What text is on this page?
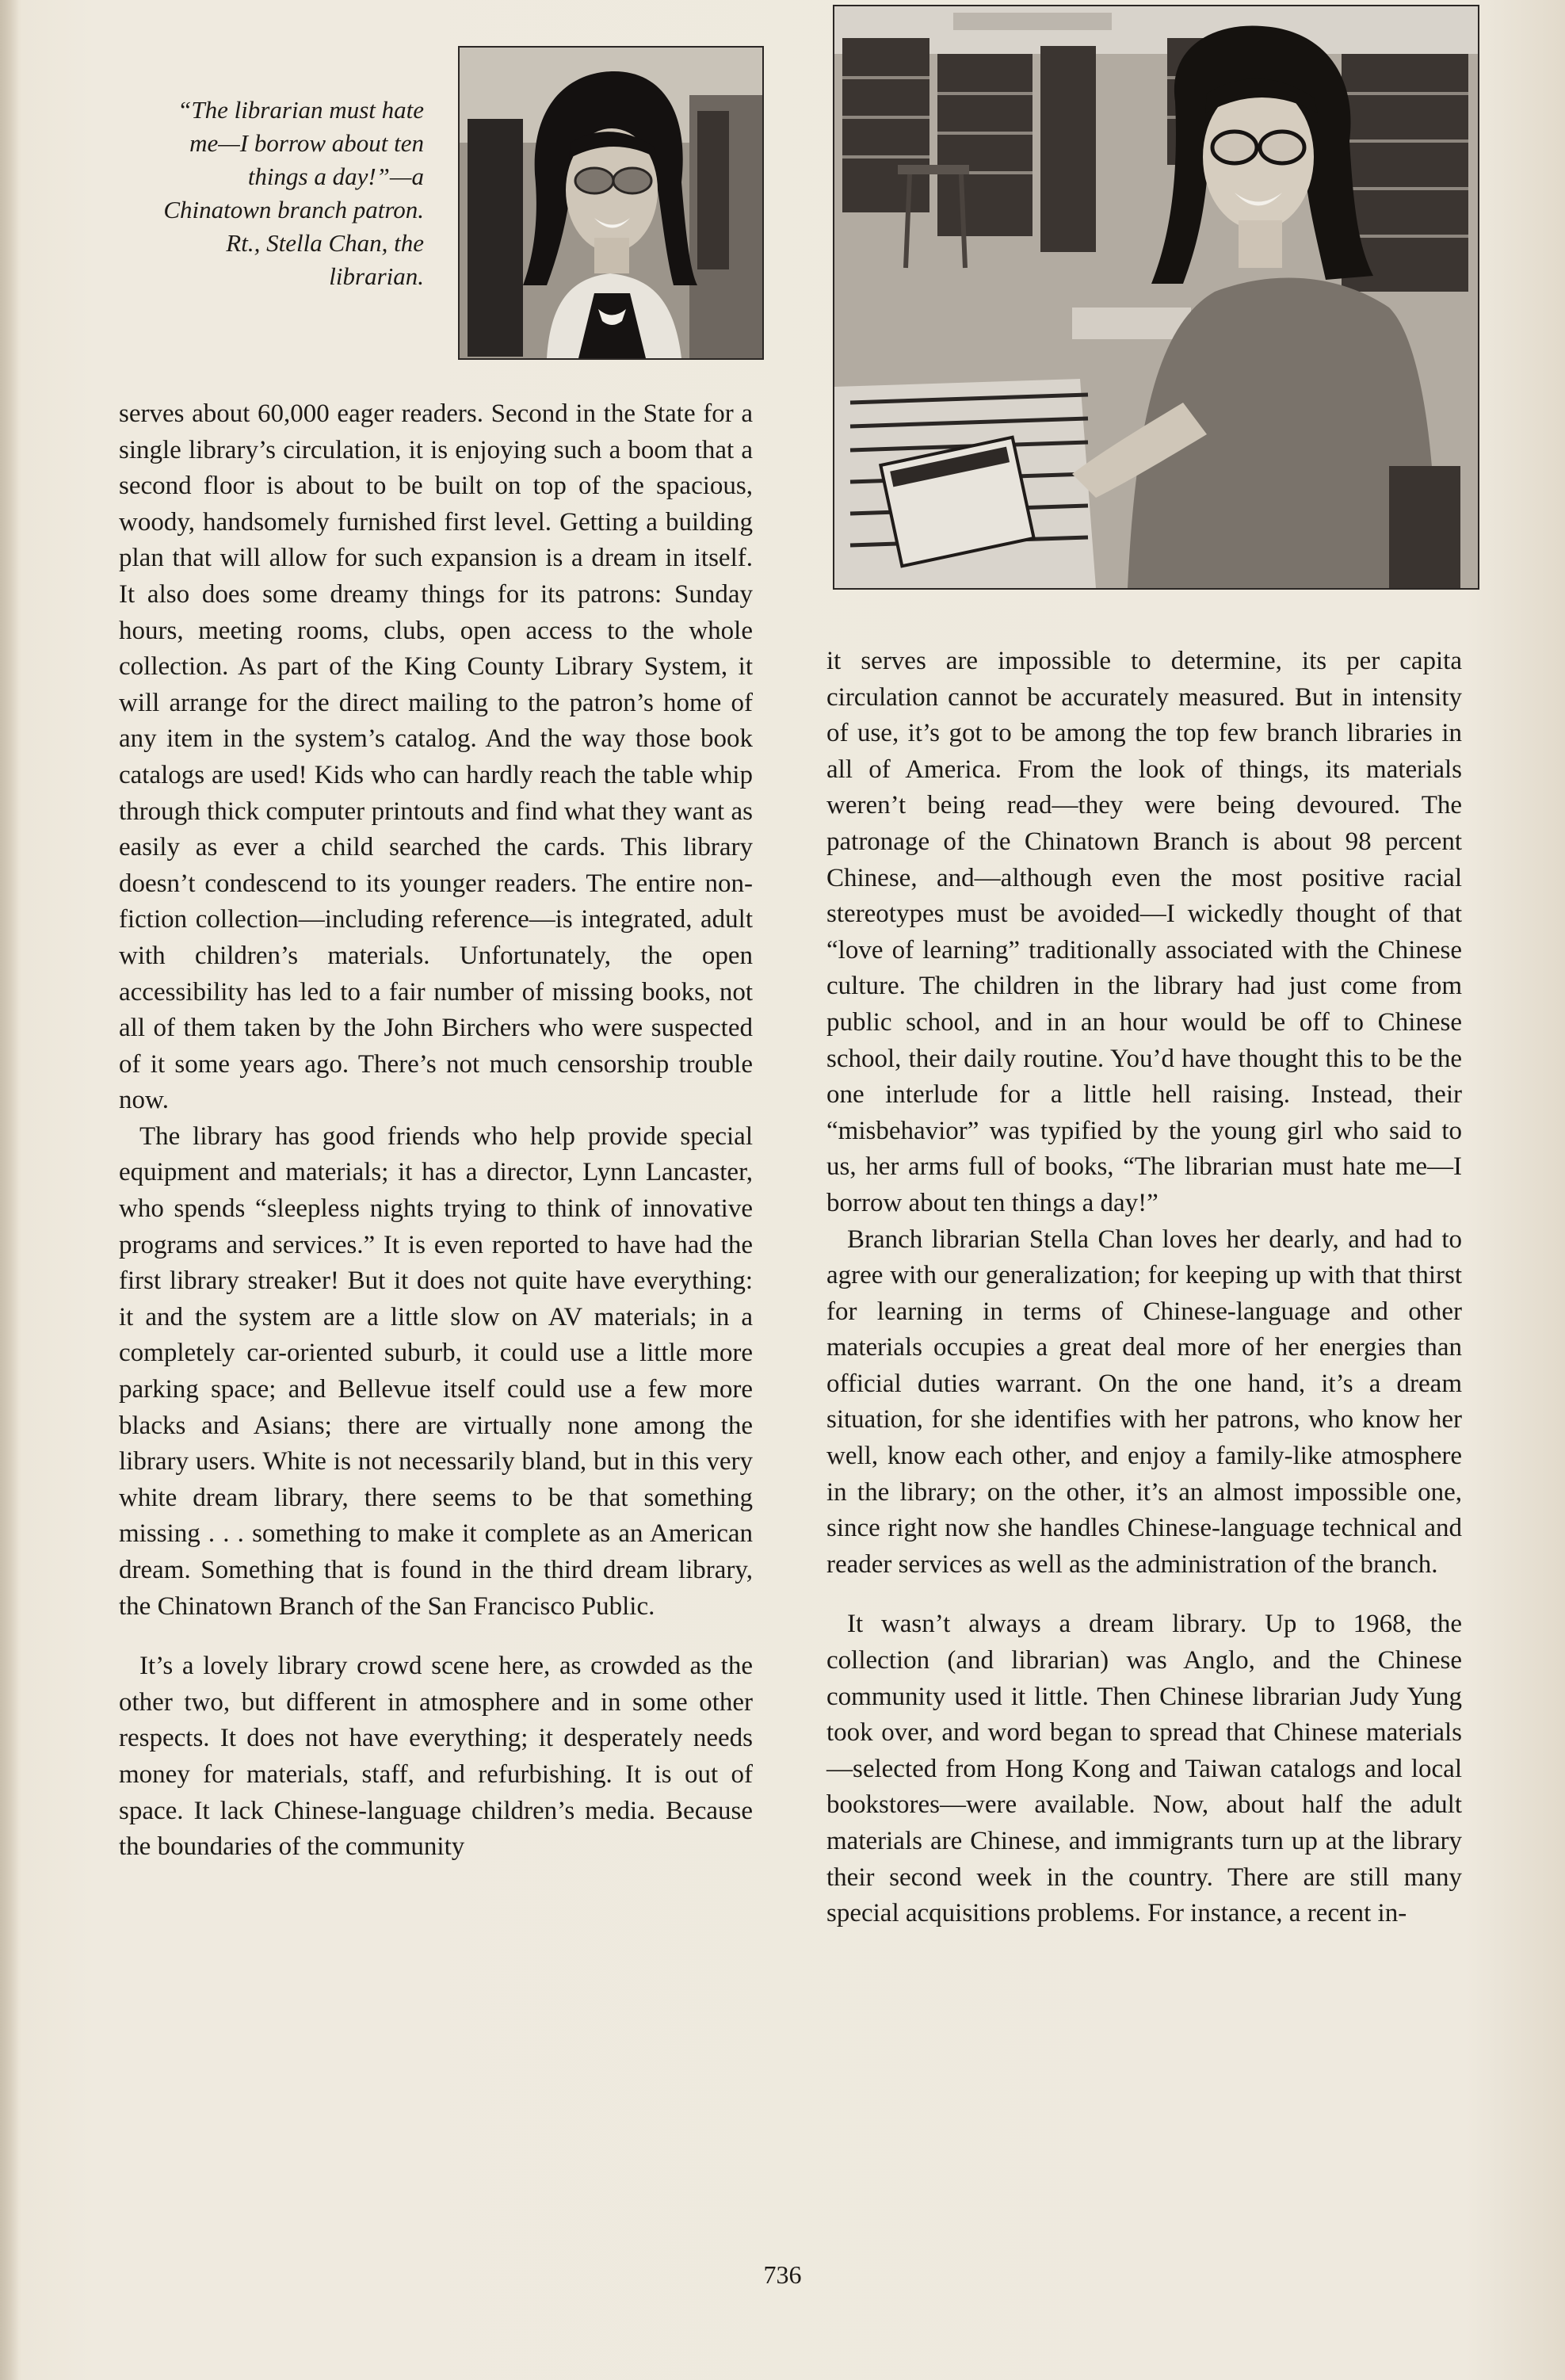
“The librarian must hate me—I borrow about ten things a day!”—a Chinatown branch patron. Rt., Stella Chan, the librarian.

serves about 60,000 eager readers. Second in the State for a single library’s circulation, it is enjoying such a boom that a second floor is about to be built on top of the spacious, woody, handsomely furnished first level. Getting a building plan that will allow for such expansion is a dream in itself. It also does some dreamy things for its patrons: Sunday hours, meeting rooms, clubs, open access to the whole collection. As part of the King County Library System, it will arrange for the direct mailing to the patron’s home of any item in the system’s catalog. And the way those book catalogs are used! Kids who can hardly reach the table whip through thick computer printouts and find what they want as easily as ever a child searched the cards. This library doesn’t condescend to its younger readers. The entire non-fiction collection—including reference—is integrated, adult with children’s materials. Unfortunately, the open accessibility has led to a fair number of missing books, not all of them taken by the John Birchers who were suspected of it some years ago. There’s not much censorship trouble now.

The library has good friends who help provide special equipment and materials; it has a director, Lynn Lancaster, who spends “sleepless nights trying to think of innovative programs and services.” It is even reported to have had the first library streaker! But it does not quite have everything: it and the system are a little slow on AV materials; in a completely car-oriented suburb, it could use a little more parking space; and Bellevue itself could use a few more blacks and Asians; there are virtually none among the library users. White is not necessarily bland, but in this very white dream library, there seems to be that something missing . . . something to make it complete as an American dream. Something that is found in the third dream library, the Chinatown Branch of the San Francisco Public.

It’s a lovely library crowd scene here, as crowded as the other two, but different in atmosphere and in some other respects. It does not have everything; it desperately needs money for materials, staff, and refurbishing. It is out of space. It lack Chinese-language children’s media. Because the boundaries of the community

it serves are impossible to determine, its per capita circulation cannot be accurately measured. But in intensity of use, it’s got to be among the top few branch libraries in all of America. From the look of things, its materials weren’t being read—they were being devoured. The patronage of the Chinatown Branch is about 98 percent Chinese, and—although even the most positive racial stereotypes must be avoided—I wickedly thought of that “love of learning” traditionally associated with the Chinese culture. The children in the library had just come from public school, and in an hour would be off to Chinese school, their daily routine. You’d have thought this to be the one interlude for a little hell raising. Instead, their “misbehavior” was typified by the young girl who said to us, her arms full of books, “The librarian must hate me—I borrow about ten things a day!”

Branch librarian Stella Chan loves her dearly, and had to agree with our generalization; for keeping up with that thirst for learning in terms of Chinese-language and other materials occupies a great deal more of her energies than official duties warrant. On the one hand, it’s a dream situation, for she identifies with her patrons, who know her well, know each other, and enjoy a family-like atmosphere in the library; on the other, it’s an almost impossible one, since right now she handles Chinese-language technical and reader services as well as the administration of the branch.

It wasn’t always a dream library. Up to 1968, the collection (and librarian) was Anglo, and the Chinese community used it little. Then Chinese librarian Judy Yung took over, and word began to spread that Chinese materials—selected from Hong Kong and Taiwan catalogs and local bookstores—were available. Now, about half the adult materials are Chinese, and immigrants turn up at the library their second week in the country. There are still many special acquisitions problems. For instance, a recent in-

736
